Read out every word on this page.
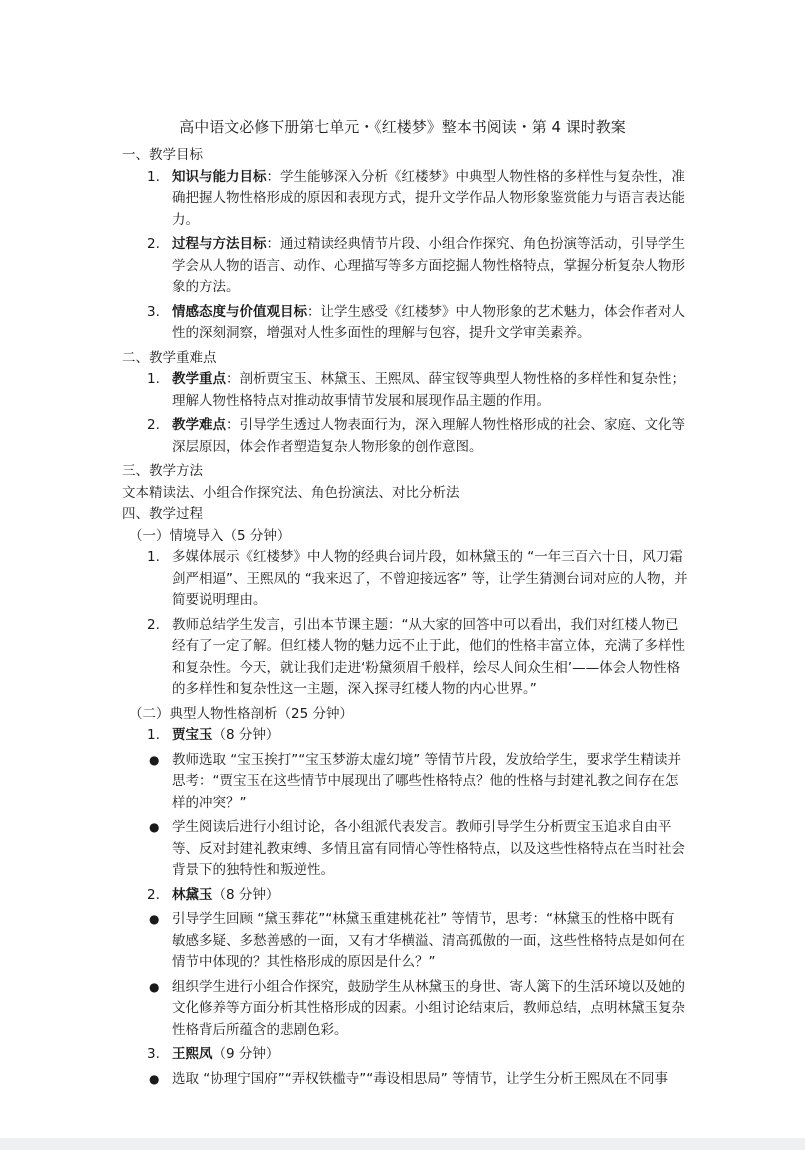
高中语文必修下册第七单元・《红楼梦》整本书阅读・第 4 课时教案

一、教学目标

1. 知识与能力目标：学生能够深入分析《红楼梦》中典型人物性格的多样性与复杂性，准确把握人物性格形成的原因和表现方式，提升文学作品人物形象鉴赏能力与语言表达能力。
2. 过程与方法目标：通过精读经典情节片段、小组合作探究、角色扮演等活动，引导学生学会从人物的语言、动作、心理描写等多方面挖掘人物性格特点，掌握分析复杂人物形象的方法。
3. 情感态度与价值观目标：让学生感受《红楼梦》中人物形象的艺术魅力，体会作者对人性的深刻洞察，增强对人性多面性的理解与包容，提升文学审美素养。

二、教学重难点

1. 教学重点：剖析贾宝玉、林黛玉、王熙凤、薛宝钗等典型人物性格的多样性和复杂性；理解人物性格特点对推动故事情节发展和展现作品主题的作用。
2. 教学难点：引导学生透过人物表面行为，深入理解人物性格形成的社会、家庭、文化等深层原因，体会作者塑造复杂人物形象的创作意图。

三、教学方法

文本精读法、小组合作探究法、角色扮演法、对比分析法

四、教学过程

（一）情境导入（5 分钟）

1. 多媒体展示《红楼梦》中人物的经典台词片段，如林黛玉的 “一年三百六十日，风刀霜剑严相逼”、王熙凤的 “我来迟了，不曾迎接远客” 等，让学生猜测台词对应的人物，并简要说明理由。
2. 教师总结学生发言，引出本节课主题：“从大家的回答中可以看出，我们对红楼人物已经有了一定了解。但红楼人物的魅力远不止于此，他们的性格丰富立体，充满了多样性和复杂性。今天，就让我们走进‘粉黛须眉千般样，绘尽人间众生相’——体会人物性格的多样性和复杂性这一主题，深入探寻红楼人物的内心世界。”

（二）典型人物性格剖析（25 分钟）

1. 贾宝玉（8 分钟）
● 教师选取 “宝玉挨打”“宝玉梦游太虚幻境” 等情节片段，发放给学生，要求学生精读并思考：“贾宝玉在这些情节中展现出了哪些性格特点？他的性格与封建礼教之间存在怎样的冲突？”
● 学生阅读后进行小组讨论，各小组派代表发言。教师引导学生分析贾宝玉追求自由平等、反对封建礼教束缚、多情且富有同情心等性格特点，以及这些性格特点在当时社会背景下的独特性和叛逆性。
2. 林黛玉（8 分钟）
● 引导学生回顾 “黛玉葬花”“林黛玉重建桃花社” 等情节，思考：“林黛玉的性格中既有敏感多疑、多愁善感的一面，又有才华横溢、清高孤傲的一面，这些性格特点是如何在情节中体现的？其性格形成的原因是什么？”
● 组织学生进行小组合作探究，鼓励学生从林黛玉的身世、寄人篱下的生活环境以及她的文化修养等方面分析其性格形成的因素。小组讨论结束后，教师总结，点明林黛玉复杂性格背后所蕴含的悲剧色彩。
3. 王熙凤（9 分钟）
● 选取 “协理宁国府”“弄权铁槛寺”“毒设相思局” 等情节，让学生分析王熙凤在不同事
